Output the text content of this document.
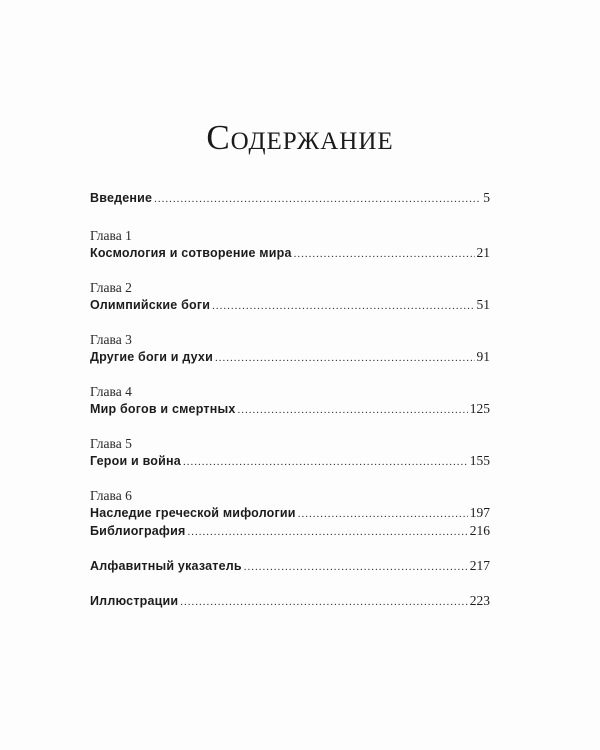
Содержание
Введение .....	5
Глава 1
Космология и сотворение мира .....	21
Глава 2
Олимпийские боги .....	51
Глава 3
Другие боги и духи .....	91
Глава 4
Мир богов и смертных .....	125
Глава 5
Герои и война .....	155
Глава 6
Наследие греческой мифологии .....	197
Библиография .....	216
Алфавитный указатель .....	217
Иллюстрации .....	223
